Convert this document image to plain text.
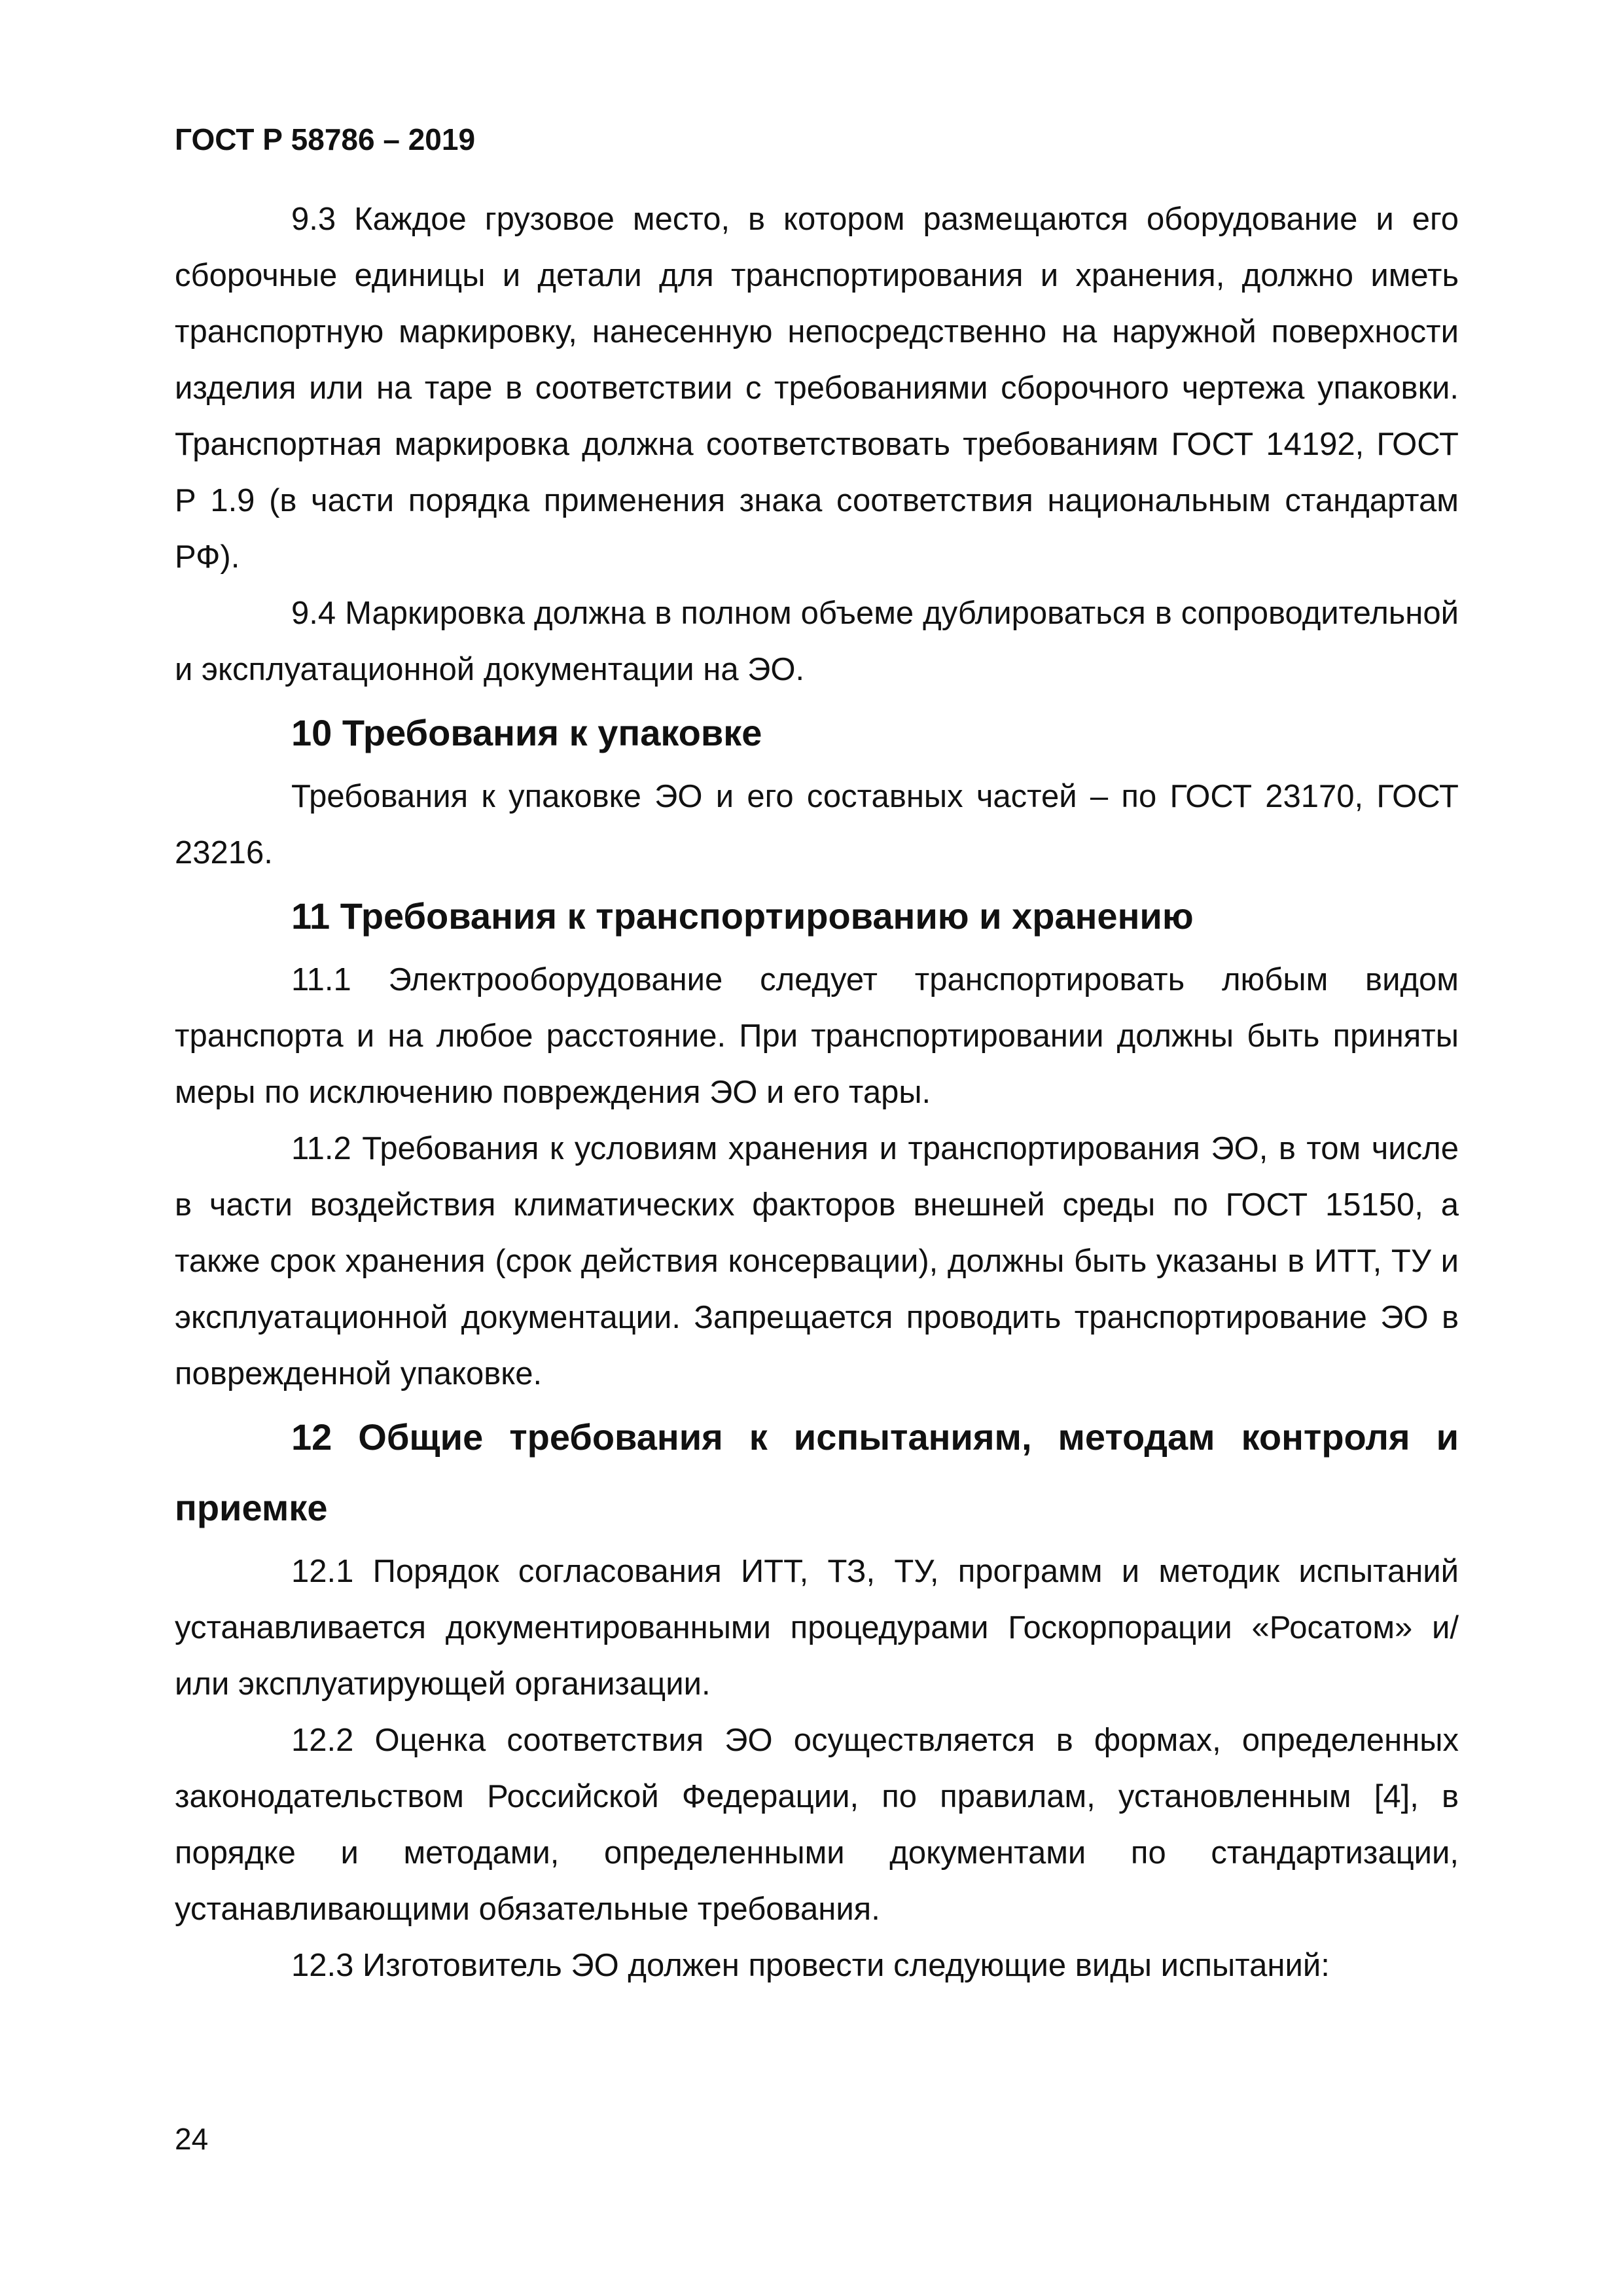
ГОСТ Р 58786 – 2019

9.3 Каждое грузовое место, в котором размещаются оборудование и его сборочные единицы и детали для транспортирования и хранения, должно иметь транспортную маркировку, нанесенную непосредственно на наружной поверхности изделия или на таре в соответствии с требованиями сборочного чертежа упаковки. Транспортная маркировка должна соответствовать требованиям ГОСТ 14192, ГОСТ Р 1.9 (в части порядка применения знака соответствия национальным стандартам РФ).

9.4 Маркировка должна в полном объеме дублироваться в сопроводительной и эксплуатационной документации на ЭО.

10 Требования к упаковке

Требования к упаковке ЭО и его составных частей – по ГОСТ 23170, ГОСТ 23216.

11 Требования к транспортированию и хранению

11.1 Электрооборудование следует транспортировать любым видом транспорта и на любое расстояние. При транспортировании должны быть приняты меры по исключению повреждения ЭО и его тары.

11.2 Требования к условиям хранения и транспортирования ЭО, в том числе в части воздействия климатических факторов внешней среды по ГОСТ 15150, а также срок хранения (срок действия консервации), должны быть указаны в ИТТ, ТУ и эксплуатационной документации. Запрещается проводить транспортирование ЭО в поврежденной упаковке.

12 Общие требования к испытаниям, методам контроля и приемке

12.1 Порядок согласования ИТТ, ТЗ, ТУ, программ и методик испытаний устанавливается документированными процедурами Госкорпорации «Росатом» и/или эксплуатирующей организации.

12.2 Оценка соответствия ЭО осуществляется в формах, определенных законодательством Российской Федерации, по правилам, установленным [4], в порядке и методами, определенными документами по стандартизации, устанавливающими обязательные требования.

12.3 Изготовитель ЭО должен провести следующие виды испытаний:

24
